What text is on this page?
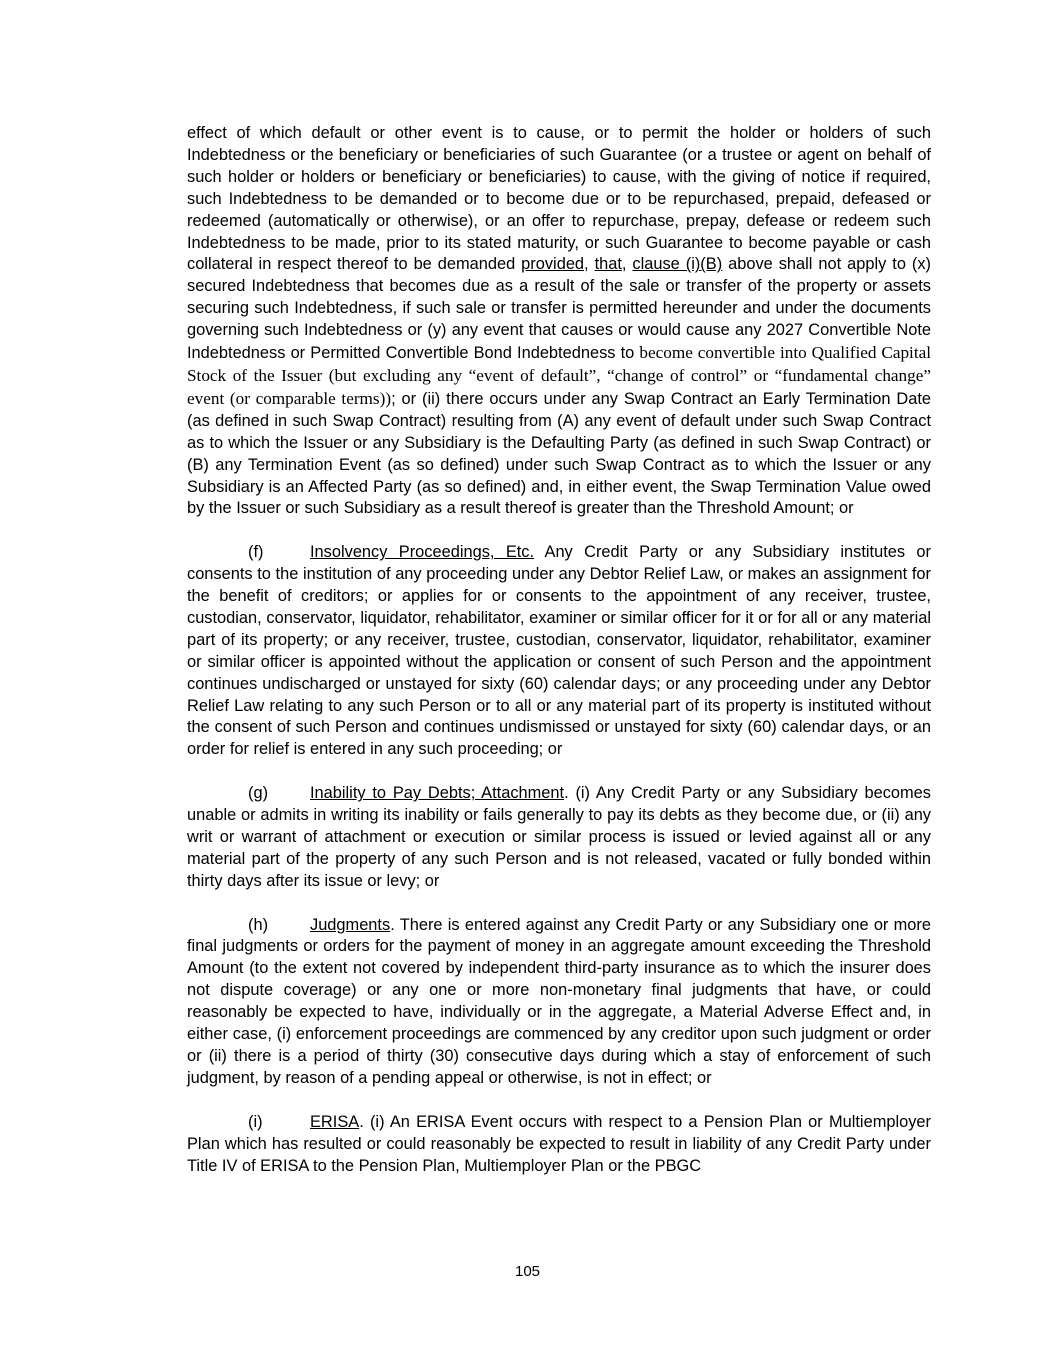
effect of which default or other event is to cause, or to permit the holder or holders of such Indebtedness or the beneficiary or beneficiaries of such Guarantee (or a trustee or agent on behalf of such holder or holders or beneficiary or beneficiaries) to cause, with the giving of notice if required, such Indebtedness to be demanded or to become due or to be repurchased, prepaid, defeased or redeemed (automatically or otherwise), or an offer to repurchase, prepay, defease or redeem such Indebtedness to be made, prior to its stated maturity, or such Guarantee to become payable or cash collateral in respect thereof to be demanded provided, that, clause (i)(B) above shall not apply to (x) secured Indebtedness that becomes due as a result of the sale or transfer of the property or assets securing such Indebtedness, if such sale or transfer is permitted hereunder and under the documents governing such Indebtedness or (y) any event that causes or would cause any 2027 Convertible Note Indebtedness or Permitted Convertible Bond Indebtedness to become convertible into Qualified Capital Stock of the Issuer (but excluding any “event of default”, “change of control” or “fundamental change” event (or comparable terms)); or (ii) there occurs under any Swap Contract an Early Termination Date (as defined in such Swap Contract) resulting from (A) any event of default under such Swap Contract as to which the Issuer or any Subsidiary is the Defaulting Party (as defined in such Swap Contract) or (B) any Termination Event (as so defined) under such Swap Contract as to which the Issuer or any Subsidiary is an Affected Party (as so defined) and, in either event, the Swap Termination Value owed by the Issuer or such Subsidiary as a result thereof is greater than the Threshold Amount; or

(f)	Insolvency Proceedings, Etc. Any Credit Party or any Subsidiary institutes or consents to the institution of any proceeding under any Debtor Relief Law, or makes an assignment for the benefit of creditors; or applies for or consents to the appointment of any receiver, trustee, custodian, conservator, liquidator, rehabilitator, examiner or similar officer for it or for all or any material part of its property; or any receiver, trustee, custodian, conservator, liquidator, rehabilitator, examiner or similar officer is appointed without the application or consent of such Person and the appointment continues undischarged or unstayed for sixty (60) calendar days; or any proceeding under any Debtor Relief Law relating to any such Person or to all or any material part of its property is instituted without the consent of such Person and continues undismissed or unstayed for sixty (60) calendar days, or an order for relief is entered in any such proceeding; or

(g)	Inability to Pay Debts; Attachment. (i) Any Credit Party or any Subsidiary becomes unable or admits in writing its inability or fails generally to pay its debts as they become due, or (ii) any writ or warrant of attachment or execution or similar process is issued or levied against all or any material part of the property of any such Person and is not released, vacated or fully bonded within thirty days after its issue or levy; or

(h)	Judgments. There is entered against any Credit Party or any Subsidiary one or more final judgments or orders for the payment of money in an aggregate amount exceeding the Threshold Amount (to the extent not covered by independent third-party insurance as to which the insurer does not dispute coverage) or any one or more non-monetary final judgments that have, or could reasonably be expected to have, individually or in the aggregate, a Material Adverse Effect and, in either case, (i) enforcement proceedings are commenced by any creditor upon such judgment or order or (ii) there is a period of thirty (30) consecutive days during which a stay of enforcement of such judgment, by reason of a pending appeal or otherwise, is not in effect; or

(i)	ERISA. (i) An ERISA Event occurs with respect to a Pension Plan or Multiemployer Plan which has resulted or could reasonably be expected to result in liability of any Credit Party under Title IV of ERISA to the Pension Plan, Multiemployer Plan or the PBGC

105
